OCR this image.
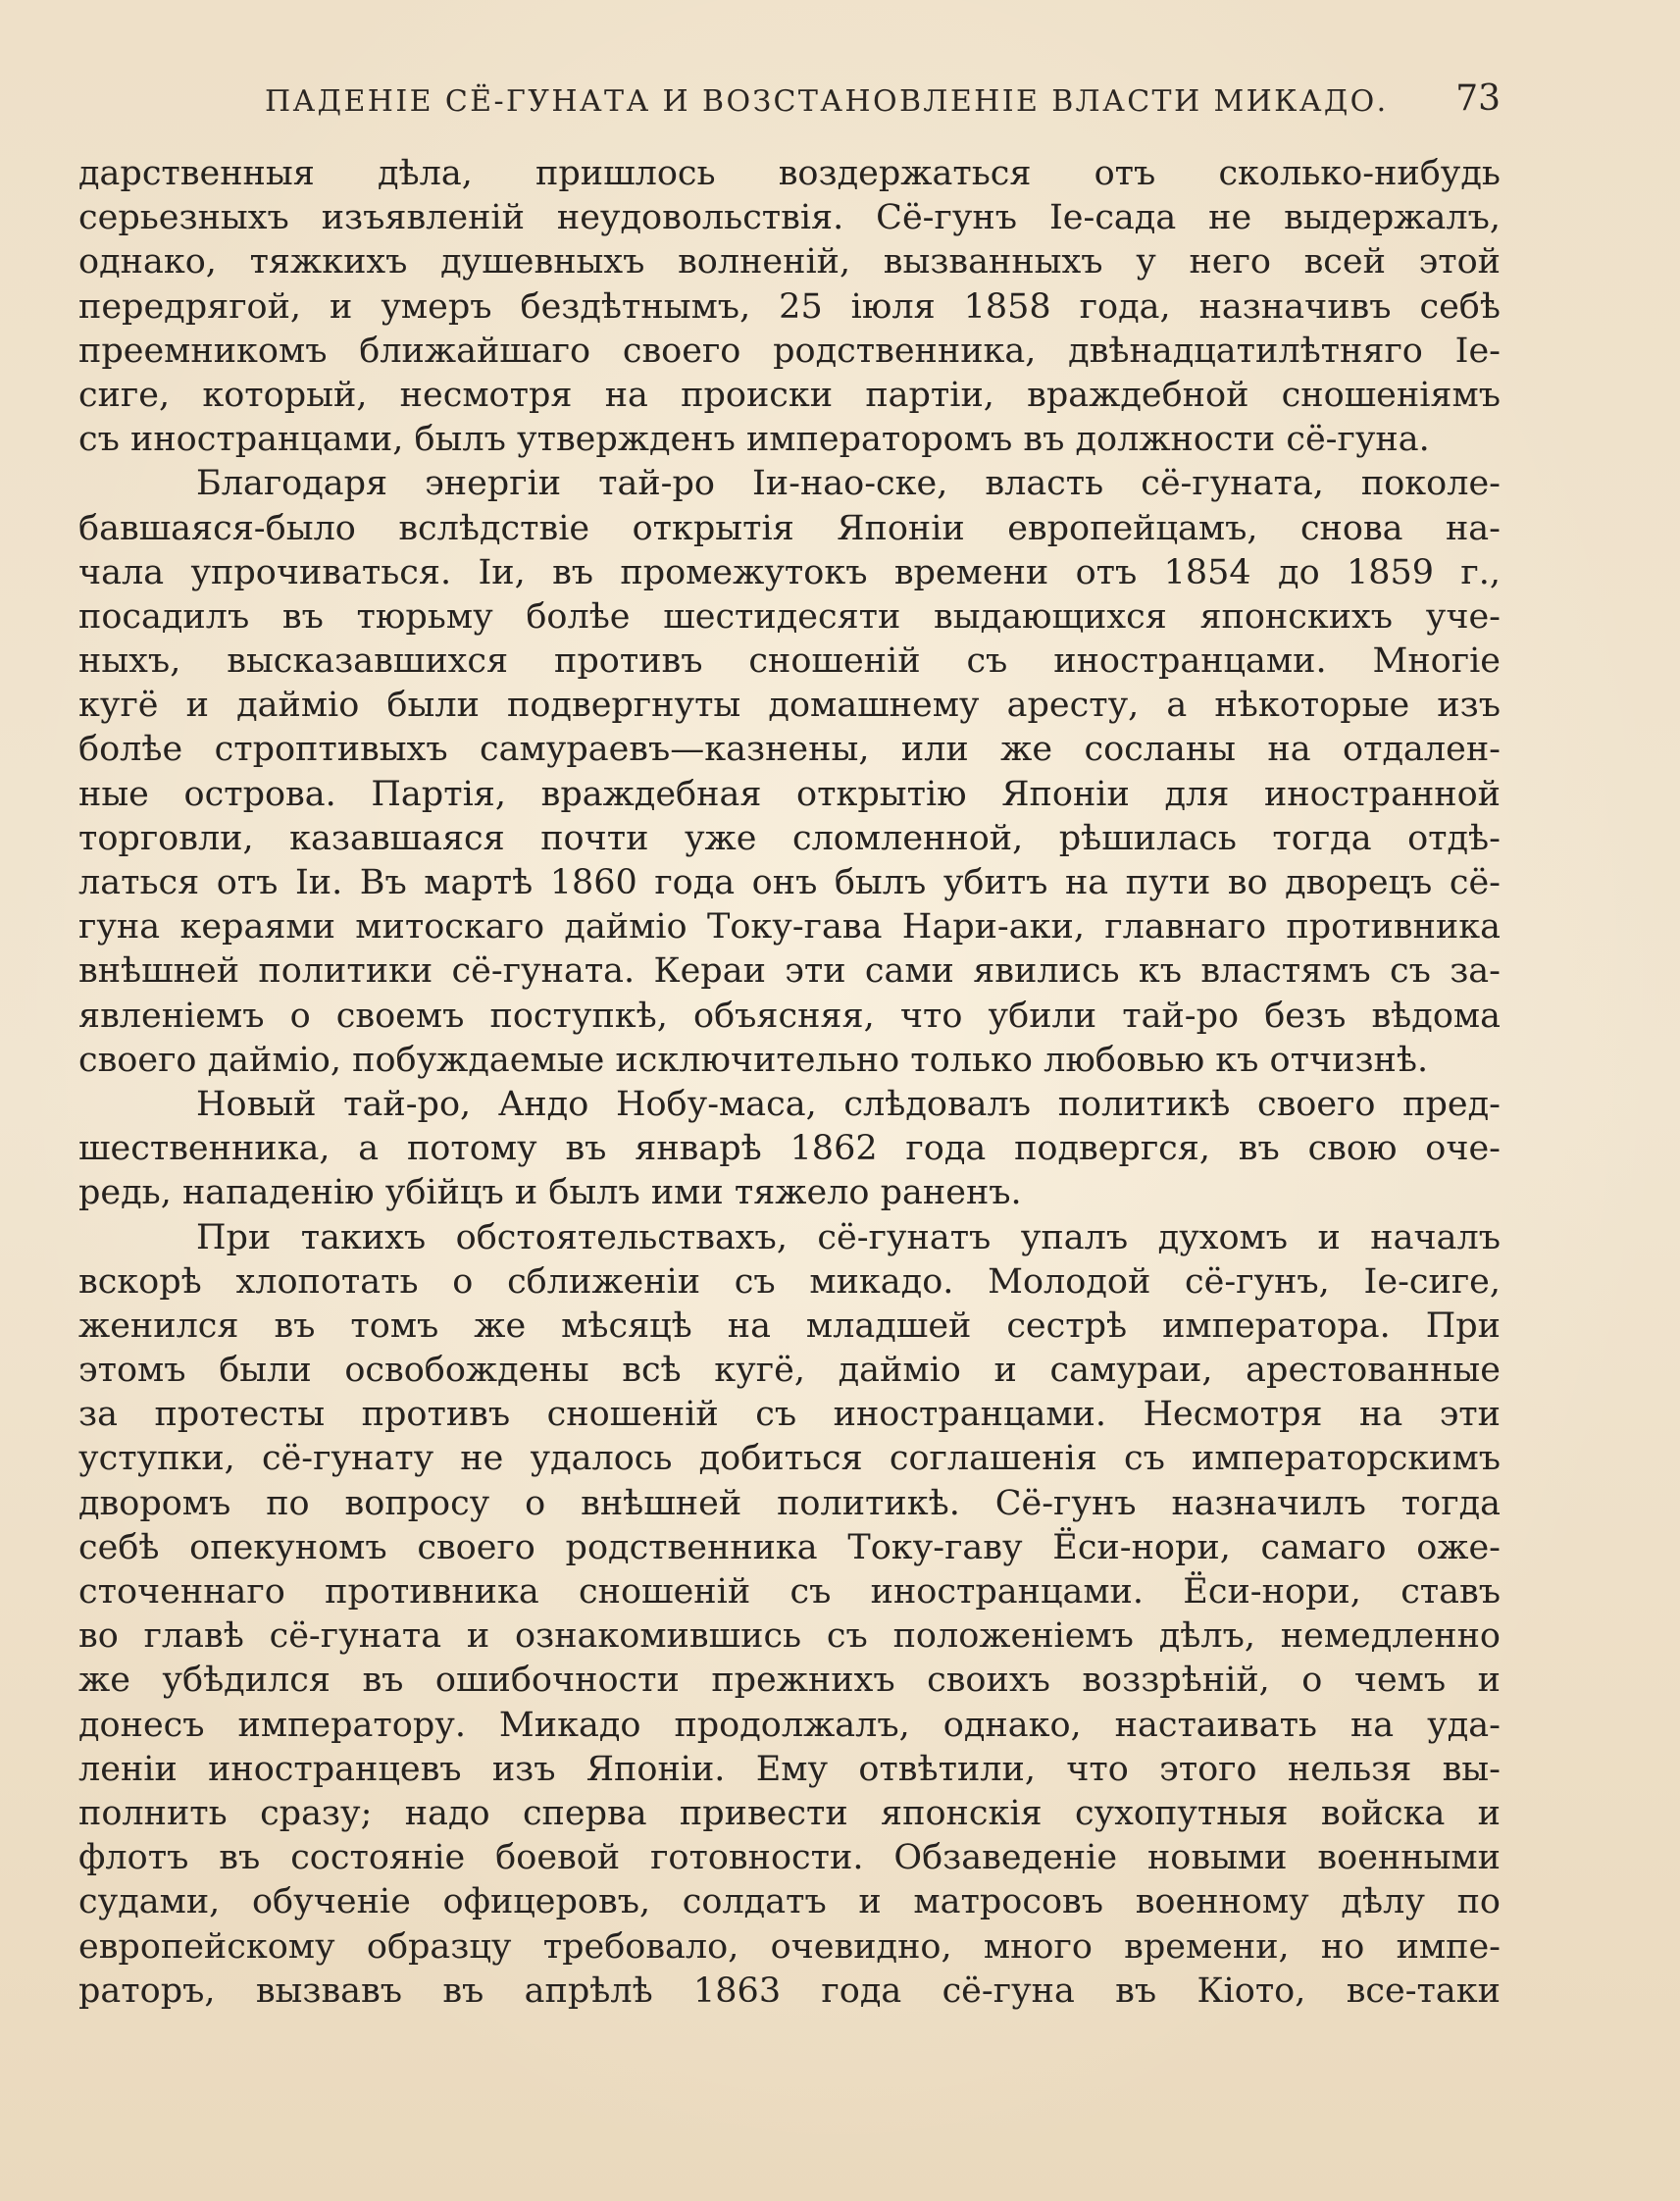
ПАДЕНІЕ СЁ-ГУНАТА И ВОЗСТАНОВЛЕНІЕ ВЛАСТИ МИКАДО. 73
дарственныя дѣла, пришлось воздержаться отъ сколько-нибудь
серьезныхъ изъявленій неудовольствія. Сё-гунъ Іе-сада не выдержалъ,
однако, тяжкихъ душевныхъ волненій, вызванныхъ у него всей этой
передрягой, и умеръ бездѣтнымъ, 25 іюля 1858 года, назначивъ себѣ
преемникомъ ближайшаго своего родственника, двѣнадцатилѣтняго Іе-
сиге, который, несмотря на происки партіи, враждебной сношеніямъ
съ иностранцами, былъ утвержденъ императоромъ въ должности сё-гуна.
Благодаря энергіи тай-ро Іи-нао-ске, власть сё-гуната, поколе-
бавшаяся-было вслѣдствіе открытія Японіи европейцамъ, снова на-
чала упрочиваться. Іи, въ промежутокъ времени отъ 1854 до 1859 г.,
посадилъ въ тюрьму болѣе шестидесяти выдающихся японскихъ уче-
ныхъ, высказавшихся противъ сношеній съ иностранцами. Многіе
кугё и дайміо были подвергнуты домашнему аресту, а нѣкоторые изъ
болѣе строптивыхъ самураевъ—казнены, или же сосланы на отдален-
ные острова. Партія, враждебная открытію Японіи для иностранной
торговли, казавшаяся почти уже сломленной, рѣшилась тогда отдѣ-
латься отъ Іи. Въ мартѣ 1860 года онъ былъ убитъ на пути во дворецъ сё-
гуна кераями митоскаго дайміо Току-гава Нари-аки, главнаго противника
внѣшней политики сё-гуната. Кераи эти сами явились къ властямъ съ за-
явленіемъ о своемъ поступкѣ, объясняя, что убили тай-ро безъ вѣдома
своего дайміо, побуждаемые исключительно только любовью къ отчизнѣ.
Новый тай-ро, Андо Нобу-маса, слѣдовалъ политикѣ своего пред-
шественника, а потому въ январѣ 1862 года подвергся, въ свою оче-
редь, нападенію убійцъ и былъ ими тяжело раненъ.
При такихъ обстоятельствахъ, сё-гунатъ упалъ духомъ и началъ
вскорѣ хлопотать о сближеніи съ микадо. Молодой сё-гунъ, Іе-сиге,
женился въ томъ же мѣсяцѣ на младшей сестрѣ императора. При
этомъ были освобождены всѣ кугё, дайміо и самураи, арестованные
за протесты противъ сношеній съ иностранцами. Несмотря на эти
уступки, сё-гунату не удалось добиться соглашенія съ императорскимъ
дворомъ по вопросу о внѣшней политикѣ. Сё-гунъ назначилъ тогда
себѣ опекуномъ своего родственника Току-гаву Ёси-нори, самаго оже-
сточеннаго противника сношеній съ иностранцами. Ёси-нори, ставъ
во главѣ сё-гуната и ознакомившись съ положеніемъ дѣлъ, немедленно
же убѣдился въ ошибочности прежнихъ своихъ воззрѣній, о чемъ и
донесъ императору. Микадо продолжалъ, однако, настаивать на уда-
леніи иностранцевъ изъ Японіи. Ему отвѣтили, что этого нельзя вы-
полнить сразу; надо сперва привести японскія сухопутныя войска и
флотъ въ состояніе боевой готовности. Обзаведеніе новыми военными
судами, обученіе офицеровъ, солдатъ и матросовъ военному дѣлу по
европейскому образцу требовало, очевидно, много времени, но импе-
раторъ, вызвавъ въ апрѣлѣ 1863 года сё-гуна въ Кіото, все-таки
